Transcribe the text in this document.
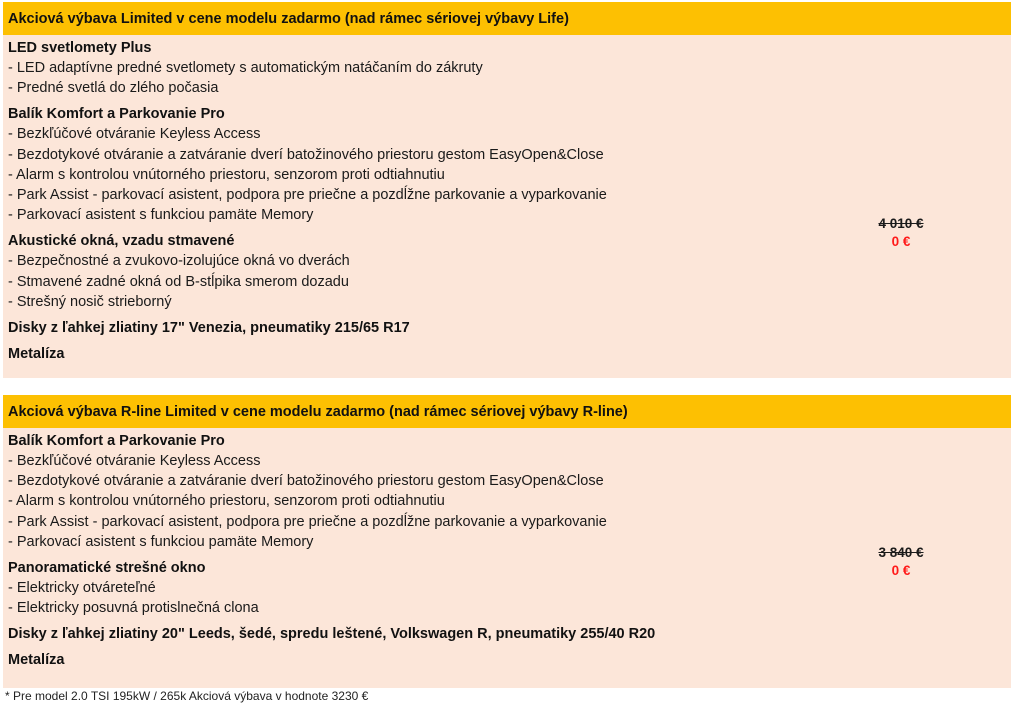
Akciová výbava Limited v cene modelu zadarmo (nad rámec sériovej výbavy Life)
LED svetlomety Plus
- LED adaptívne predné svetlomety s automatickým natáčaním do zákruty
- Predné svetlá do zlého počasia
Balík Komfort a Parkovanie Pro
- Bezkľúčové otváranie Keyless Access
- Bezdotykové otváranie a zatváranie dverí batožinového priestoru gestom EasyOpen&Close
- Alarm s kontrolou vnútorného priestoru, senzorom proti odtiahnutiu
- Park Assist - parkovací asistent, podpora pre priečne a pozdĺžne parkovanie a vyparkovanie
- Parkovací asistent s funkciou pamäte Memory
Akustické okná, vzadu stmavené
- Bezpečnostné a zvukovo-izolujúce okná vo dverách
- Stmavené zadné okná od B-stĺpika smerom dozadu
- Strešný nosič strieborný
Disky z ľahkej zliatiny 17" Venezia, pneumatiky 215/65 R17
Metalíza
4 010 €
0 €
Akciová výbava R-line Limited v cene modelu zadarmo (nad rámec sériovej výbavy R-line)
Balík Komfort a Parkovanie Pro
- Bezkľúčové otváranie Keyless Access
- Bezdotykové otváranie a zatváranie dverí batožinového priestoru gestom EasyOpen&Close
- Alarm s kontrolou vnútorného priestoru, senzorom proti odtiahnutiu
- Park Assist - parkovací asistent, podpora pre priečne a pozdĺžne parkovanie a vyparkovanie
- Parkovací asistent s funkciou pamäte Memory
Panoramatické strešné okno
- Elektricky otváreteľné
- Elektricky posuvná protislnečná clona
Disky z ľahkej zliatiny 20" Leeds, šedé, spredu leštené, Volkswagen R, pneumatiky 255/40 R20
Metalíza
3 840 €
0 €
* Pre model 2.0 TSI 195kW / 265k Akciová výbava v hodnote 3230 €
